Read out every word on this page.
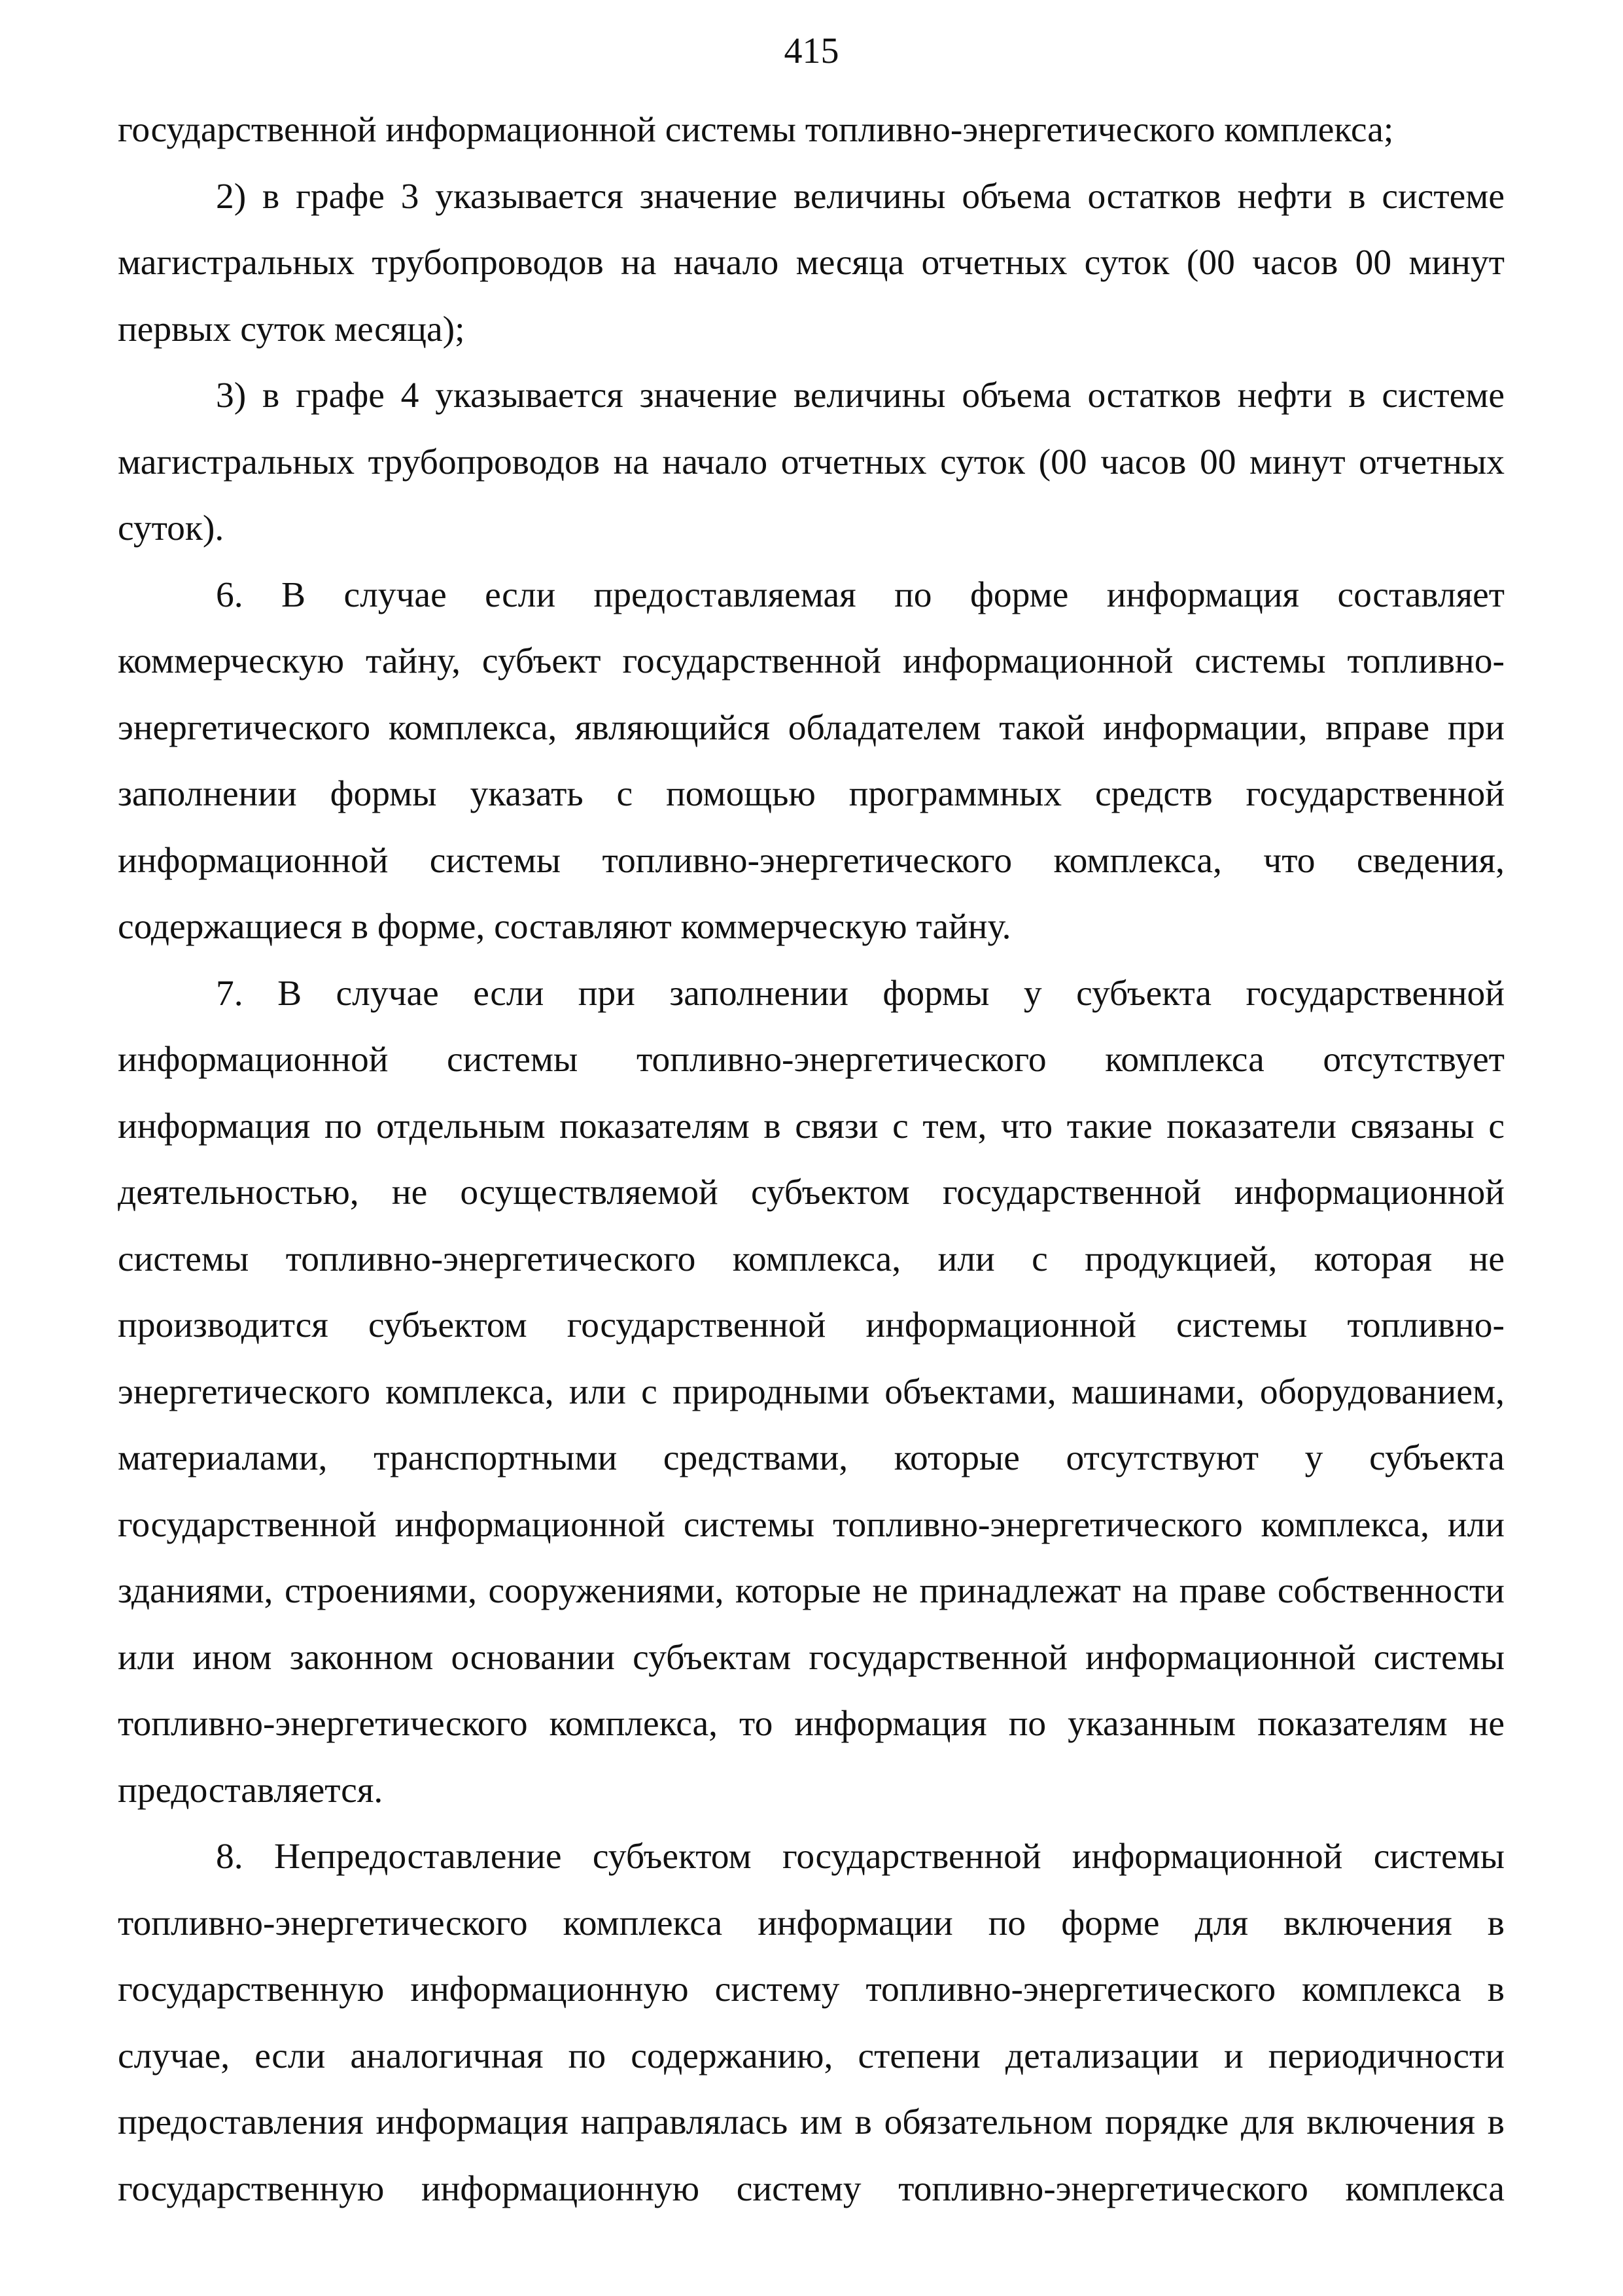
415

государственной информационной системы топливно-энергетического комплекса;

2) в графе 3 указывается значение величины объема остатков нефти в системе магистральных трубопроводов на начало месяца отчетных суток (00 часов 00 минут первых суток месяца);

3) в графе 4 указывается значение величины объема остатков нефти в системе магистральных трубопроводов на начало отчетных суток (00 часов 00 минут отчетных суток).

6. В случае если предоставляемая по форме информация составляет коммерческую тайну, субъект государственной информационной системы топливно-энергетического комплекса, являющийся обладателем такой информации, вправе при заполнении формы указать с помощью программных средств государственной информационной системы топливно-энергетического комплекса, что сведения, содержащиеся в форме, составляют коммерческую тайну.

7. В случае если при заполнении формы у субъекта государственной информационной системы топливно-энергетического комплекса отсутствует информация по отдельным показателям в связи с тем, что такие показатели связаны с деятельностью, не осуществляемой субъектом государственной информационной системы топливно-энергетического комплекса, или с продукцией, которая не производится субъектом государственной информационной системы топливно-энергетического комплекса, или с природными объектами, машинами, оборудованием, материалами, транспортными средствами, которые отсутствуют у субъекта государственной информационной системы топливно-энергетического комплекса, или зданиями, строениями, сооружениями, которые не принадлежат на праве собственности или ином законном основании субъектам государственной информационной системы топливно-энергетического комплекса, то информация по указанным показателям не предоставляется.

8. Непредоставление субъектом государственной информационной системы топливно-энергетического комплекса информации по форме для включения в государственную информационную систему топливно-энергетического комплекса в случае, если аналогичная по содержанию, степени детализации и периодичности предоставления информация направлялась им в обязательном порядке для включения в государственную информационную систему топливно-энергетического комплекса
